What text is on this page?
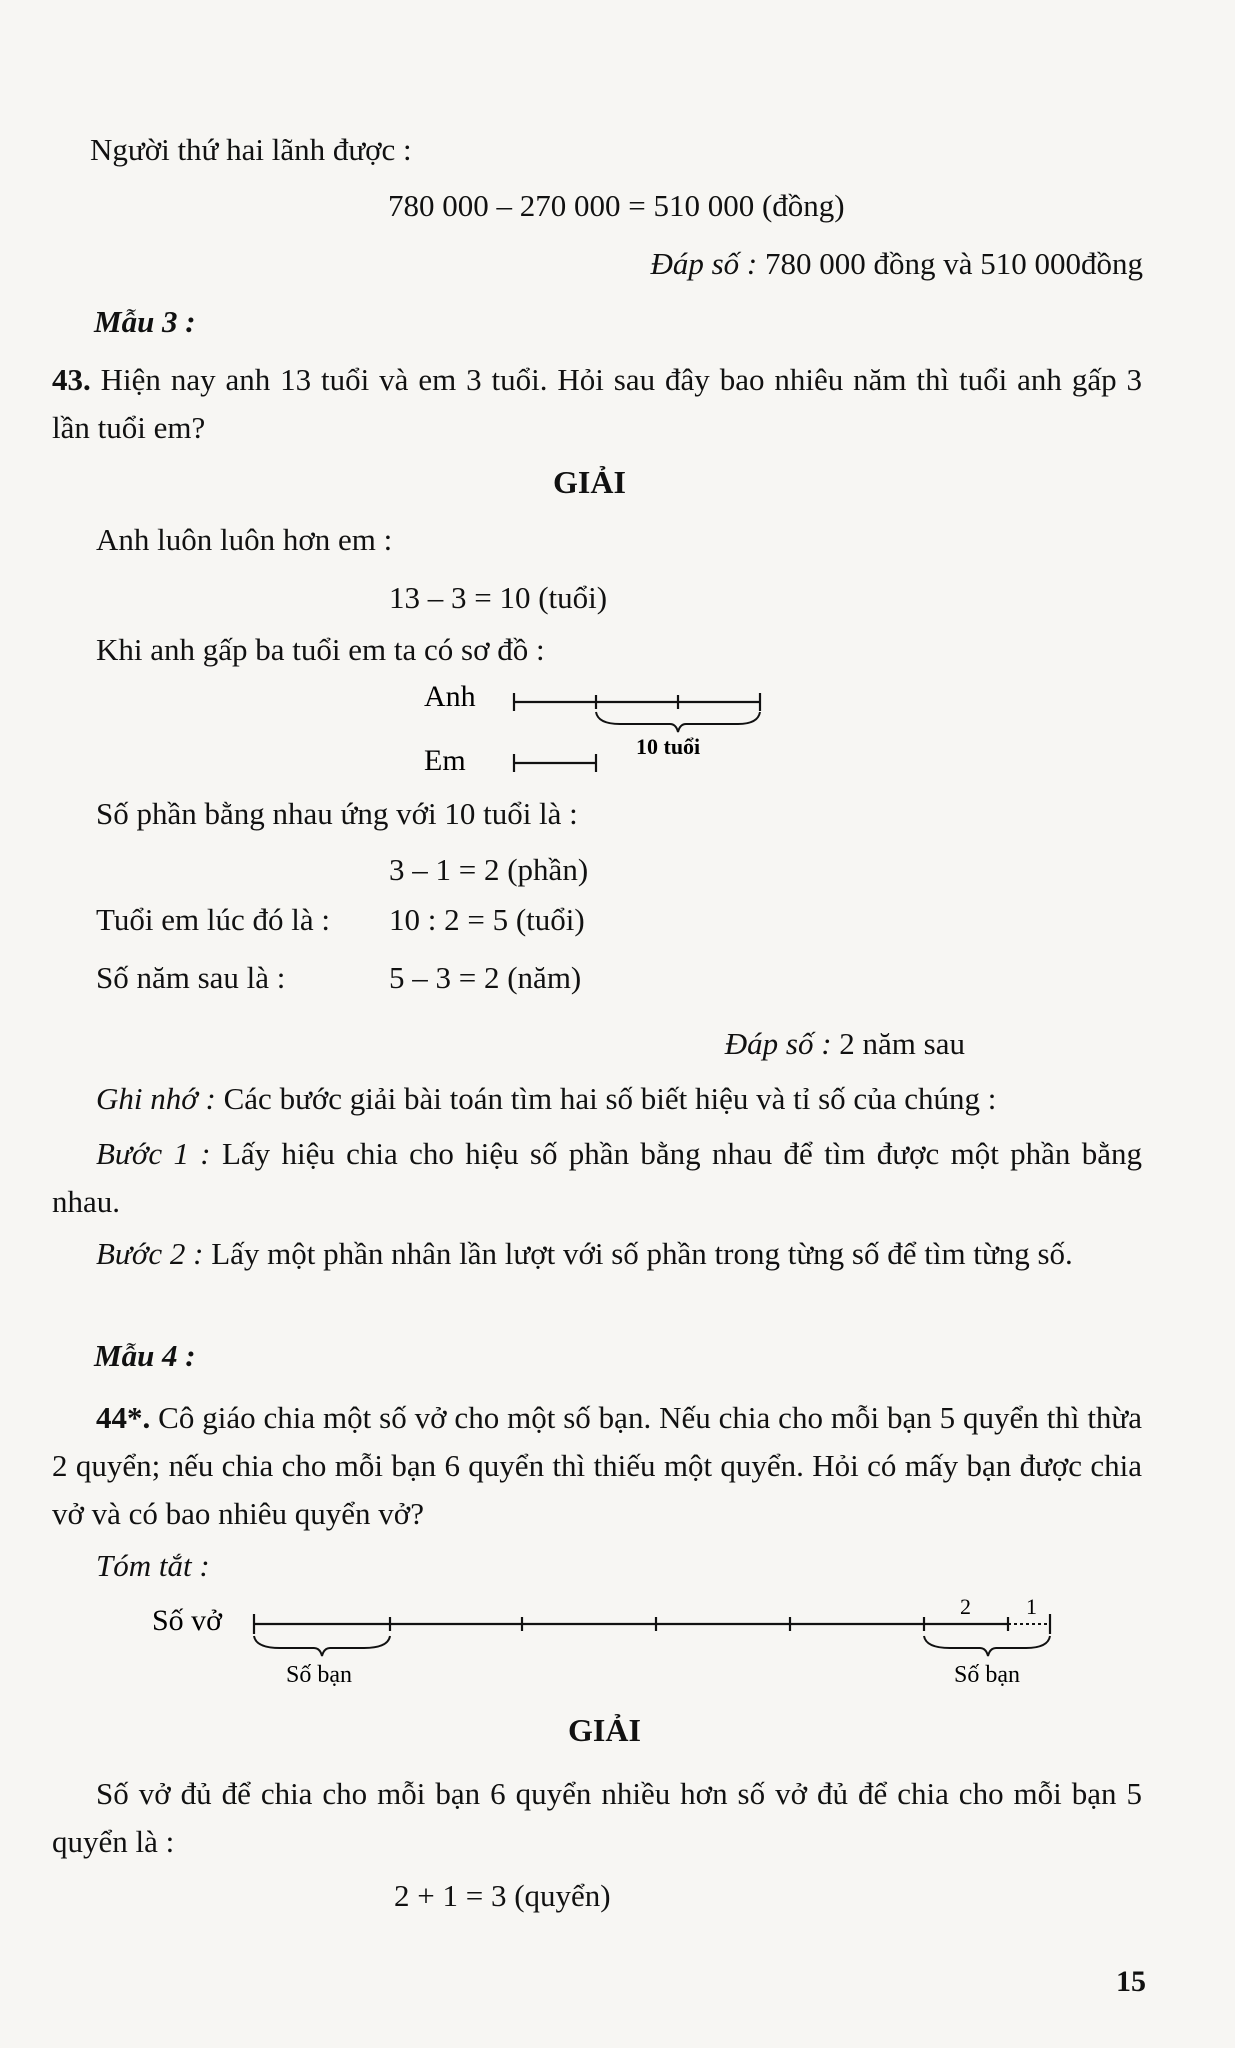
Người thứ hai lãnh được :
780 000 – 270 000 = 510 000 (đồng)
Đáp số : 780 000 đồng và 510 000đồng
Mẫu 3 :
43. Hiện nay anh 13 tuổi và em 3 tuổi. Hỏi sau đây bao nhiêu năm thì tuổi anh gấp 3 lần tuổi em?
GIẢI
Anh luôn luôn hơn em :
13 – 3 = 10 (tuổi)
Khi anh gấp ba tuổi em ta có sơ đồ :
Anh
10 tuổi
Em
Số phần bằng nhau ứng với 10 tuổi là :
3 – 1 = 2 (phần)
Tuổi em lúc đó là : 10 : 2 = 5 (tuổi)
Số năm sau là :	5 – 3 = 2 (năm)
Đáp số : 2 năm sau
Ghi nhớ : Các bước giải bài toán tìm hai số biết hiệu và tỉ số của chúng :
Bước 1 : Lấy hiệu chia cho hiệu số phần bằng nhau để tìm được một phần bằng nhau.
Bước 2 : Lấy một phần nhân lần lượt với số phần trong từng số để tìm từng số.
Mẫu 4 :
44*. Cô giáo chia một số vở cho một số bạn. Nếu chia cho mỗi bạn 5 quyển thì thừa 2 quyển; nếu chia cho mỗi bạn 6 quyển thì thiếu một quyển. Hỏi có mấy bạn được chia vở và có bao nhiêu quyển vở?
Tóm tắt :
Số vở	2	1
Số bạn	Số bạn
GIẢI
Số vở đủ để chia cho mỗi bạn 6 quyển nhiều hơn số vở đủ để chia cho mỗi bạn 5 quyển là :
2 + 1 = 3 (quyển)
15
